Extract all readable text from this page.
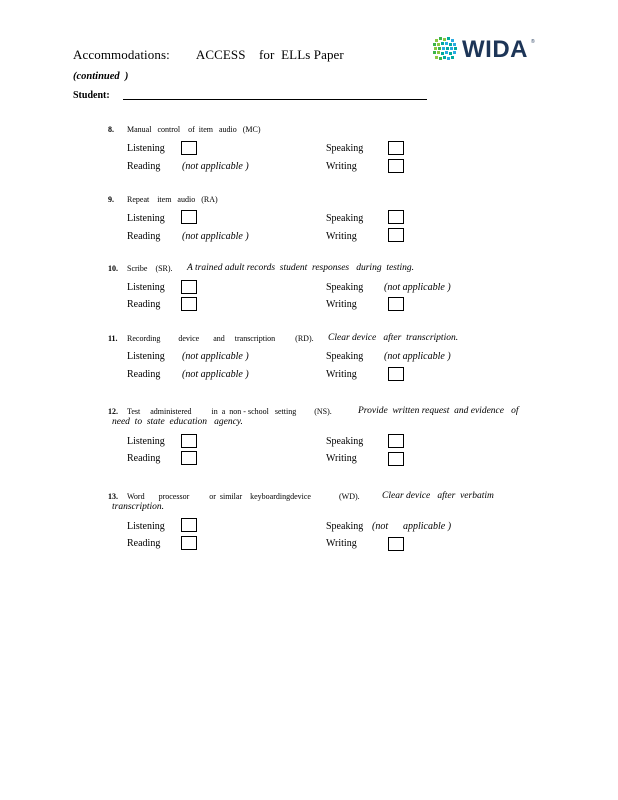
Accommodations: ACCESS    for  ELLs Paper
(continued  )
Student:
WIDA ®
8. Manual   control    of  item   audio   (MC)
Listening	Speaking
Reading (not applicable )	Writing
9. Repeat    item   audio   (RA)
Listening	Speaking
Reading (not applicable )	Writing
10. Scribe    (SR). A trained adult records  student  responses   during  testing.
Listening	Speaking (not applicable )
Reading	Writing
11. Recording         device       and     transcription          (RD). Clear device   after  transcription.
Listening (not applicable )	Speaking (not applicable )
Reading (not applicable )	Writing
12. Test     administered          in  a  non - school   setting         (NS).	Provide  written request  and evidence   of
need  to  state  education   agency.
Listening	Speaking
Reading	Writing
13. Word       processor          or  similar    keyboardingdevice              (WD). Clear device   after  verbatim
transcription.
Listening	Speaking (not applicable )
Reading	Writing
